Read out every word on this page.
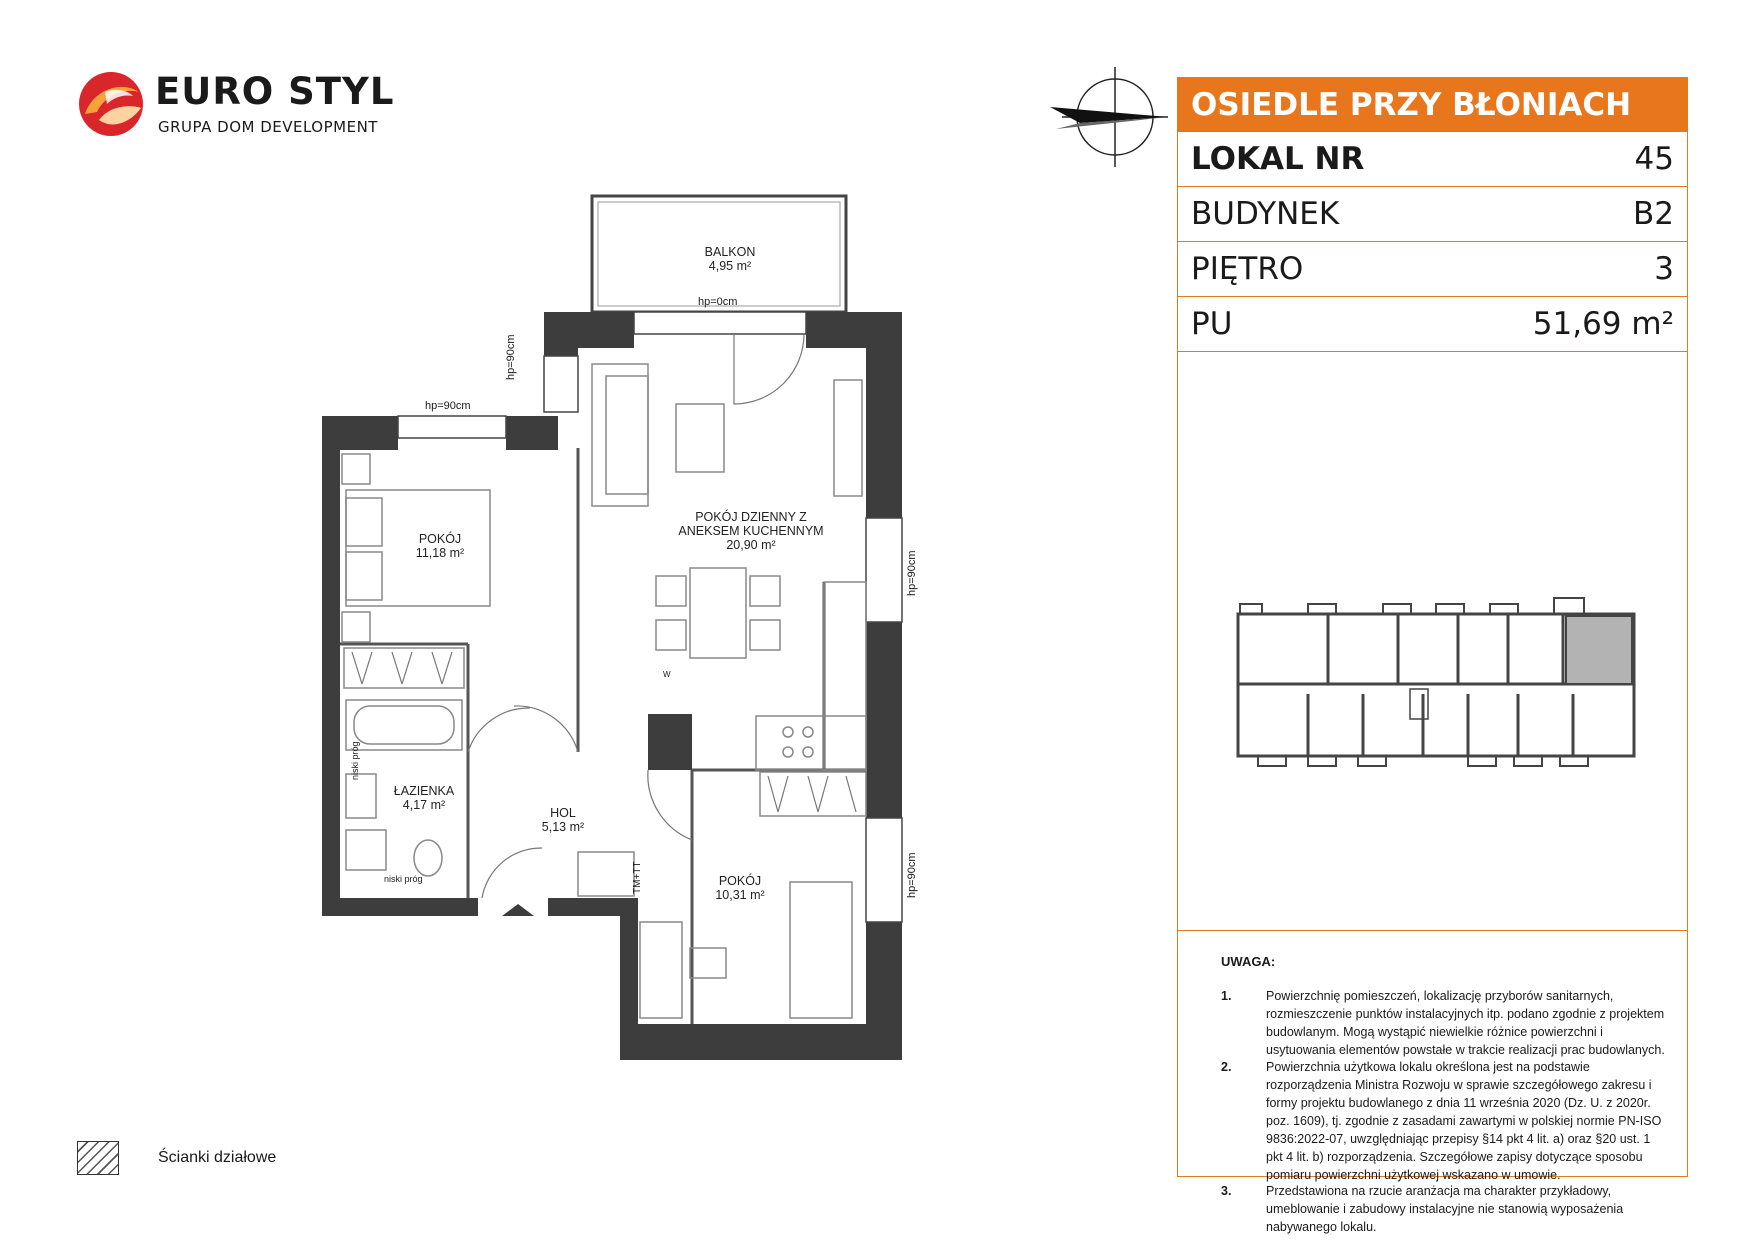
EURO STYL
GRUPA DOM DEVELOPMENT
BALKON
4,95 m²
POKÓJ DZIENNY Z
ANEKSEM KUCHENNYM
20,90 m²
POKÓJ
11,18 m²
ŁAZIENKA
4,17 m²
HOL
5,13 m²
POKÓJ
10,31 m²
hp=0cm
hp=90cm
hp=90cm
hp=90cm
hp=90cm
niski próg
niski próg	TM+TT
W
OSIEDLE PRZY BŁONIACH
LOKAL NR	45
BUDYNEK	B2
PIĘTRO	3
PU	51,69 m²
UWAGA:
1.	Powierzchnię pomieszczeń, lokalizację przyborów sanitarnych, rozmieszczenie punktów instalacyjnych itp. podano zgodnie z projektem budowlanym. Mogą wystąpić niewielkie różnice powierzchni i usytuowania elementów powstałe w trakcie realizacji prac budowlanych.
2.	Powierzchnia użytkowa lokalu określona jest na podstawie rozporządzenia Ministra Rozwoju w sprawie szczegółowego zakresu i formy projektu budowlanego z dnia 11 września 2020 (Dz. U. z 2020r. poz. 1609), tj. zgodnie z zasadami zawartymi w polskiej normie PN-ISO 9836:2022-07, uwzględniając przepisy §14 pkt 4 lit. a) oraz §20 ust. 1 pkt 4 lit. b) rozporządzenia. Szczegółowe zapisy dotyczące sposobu pomiaru powierzchni użytkowej wskazano w umowie.
3.	Przedstawiona na rzucie aranżacja ma charakter przykładowy, umeblowanie i zabudowy instalacyjne nie stanowią wyposażenia nabywanego lokalu.
Ścianki działowe
